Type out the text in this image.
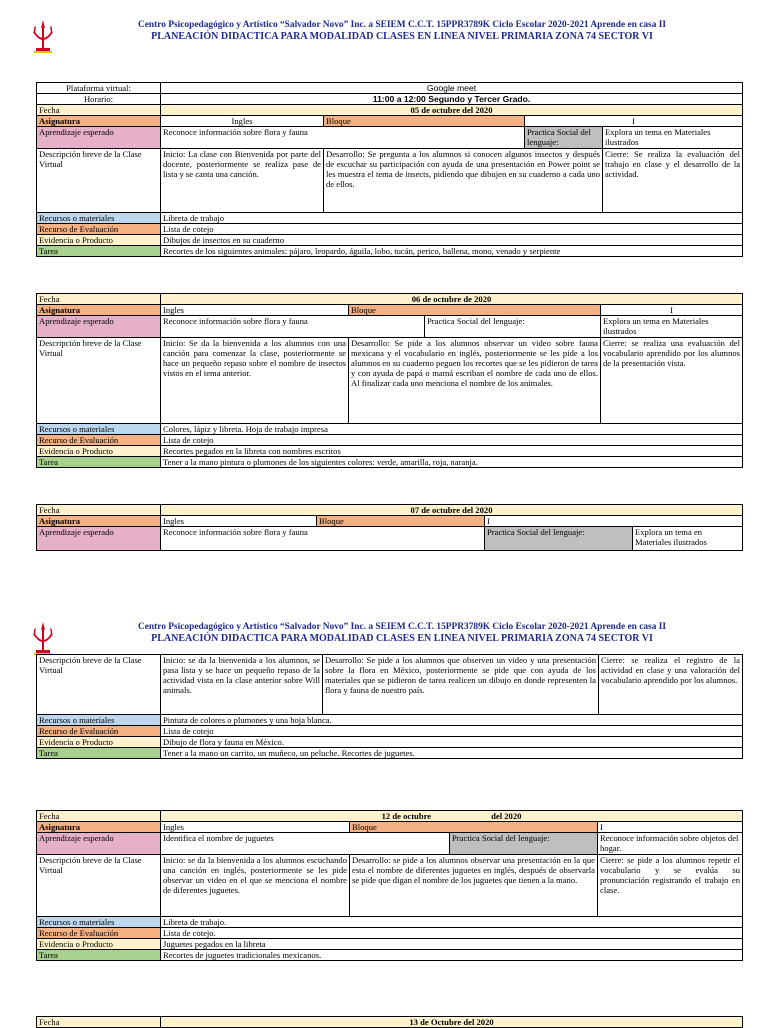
Centro Psicopedagógico y Artístico “Salvador Novo” Inc. a SEIEM C.C.T. 15PPR3789K Ciclo Escolar 2020-2021 Aprende en casa II
PLANEACIÓN DIDACTICA PARA MODALIDAD CLASES EN LINEA NIVEL PRIMARIA ZONA 74 SECTOR VI
Plataforma virtual:	Google meet			
Horario:	11:00 a 12:00 Segundo y Tercer Grado.			
Fecha	05 de octubre del 2020			
Asignatura	Ingles	Bloque	I	
Aprendizaje esperado	Reconoce información sobre flora y fauna		Practica Social del lenguaje:	Explora un tema en Materiales ilustrados
Descripción breve de la Clase Virtual	Inicio: La clase con Bienvenida por parte del docente, posteriormente se realiza pase de lista y se canta una canción.	Desarrollo: Se pregunta a los alumnos si conocen algunos insectos y después de escuchar su participación con ayuda de una presentación en Power point se les muestra el tema de insects, pidiendo que dibujen en su cuaderno a cada uno de ellos.		Cierre: Se realiza la evaluación del trabajo en clase y el desarrollo de la actividad.
Recursos o materiales	Libreta de trabajo			
Recurso de Evaluación	Lista de cotejo			
Evidencia o Producto	Dibujos de insectos en su cuaderno			
Tarea	Recortes de los siguientes animales: pájaro, leopardo, águila, lobo, tucán, perico, ballena, mono, venado y serpiente			
Fecha	06 de octubre de 2020			
Asignatura	Ingles	Bloque		I
Aprendizaje esperado	Reconoce información sobre flora y fauna		Practica Social del lenguaje:	Explora un tema en Materiales ilustrados
Descripción breve de la Clase Virtual	Inicio: Se da la bienvenida a los alumnos con una canción para comenzar la clase, posteriormente se hace un pequeño repaso sobre el nombre de insectos vistos en el tema anterior.	Desarrollo: Se pide a los alumnos observar un video sobre fauna mexicana y el vocabulario en inglés, posteriormente se les pide a los alumnos en su cuaderno peguen los recortes que se les pidieron de tarea y con ayuda de papá o mamá escriban el nombre de cada uno de ellos. Al finalizar cada uno menciona el nombre de los animales.		Cierre: se realiza una evaluación del vocabulario aprendido por los alumnos de la presentación vista.
Recursos o materiales	Colores, lápiz y libreta. Hoja de trabajo impresa			
Recurso de Evaluación	Lista de cotejo			
Evidencia o Producto	Recortes pegados en la libreta con nombres escritos			
Tarea	Tener a la mano pintura o plumones de los siguientes colores: verde, amarilla, roja, naranja.			
Fecha	07 de octubre del 2020			
Asignatura	Ingles	Bloque	I	
Aprendizaje esperado	Reconoce información sobre flora y fauna		Practica Social del lenguaje:	Explora un tema en Materiales ilustrados
Centro Psicopedagógico y Artístico “Salvador Novo” Inc. a SEIEM C.C.T. 15PPR3789K Ciclo Escolar 2020-2021 Aprende en casa II
PLANEACIÓN DIDACTICA PARA MODALIDAD CLASES EN LINEA NIVEL PRIMARIA ZONA 74 SECTOR VI
Descripción breve de la Clase Virtual	Inicio: se da la bienvenida a los alumnos, se pasa lista y se hace un pequeño repaso de la actividad vista en la clase anterior sobre Will animals.	Desarrollo: Se pide a los alumnos que observen un video y una presentación sobre la flora en México, posteriormente se pide que con ayuda de los materiales que se pidieron de tarea realicen un dibujo en donde representen la flora y fauna de nuestro país.	Cierre: se realiza el registro de la actividad en clase y una valoración del vocabulario aprendido por los alumnos.
Recursos o materiales	Pintura de colores o plumones y una hoja blanca.		
Recurso de Evaluación	Lista de cotejo		
Evidencia o Producto	Dibujo de flora y fauna en México.		
Tarea	Tener a la mano un carrito, un muñeco, un peluche. Recortes de juguetes.		
Fecha	12 de octubre del 2020			
Asignatura	Ingles	Bloque		I
Aprendizaje esperado	Identifica el nombre de juguetes		Practica Social del lenguaje:	Reconoce información sobre objetos del hogar.
Descripción breve de la Clase Virtual	Inicio: se da la bienvenida a los alumnos escuchando una canción en inglés, posteriormente se les pide observar un video en el que se menciona el nombre de diferentes juguetes.	Desarrollo: se pide a los alumnos observar una presentación en la que esta el nombre de diferentes juguetes en inglés, después de observarla se pide que digan el nombre de los juguetes que tienen a la mano.		Cierre: se pide a los alumnos repetir el vocabulario y se evalúa su pronunciación registrando el trabajo en clase.
Recursos o materiales	Libreta de trabajo.			
Recurso de Evaluación	Lista de cotejo.			
Evidencia o Producto	Juguetes pegados en la libreta			
Tarea	Recortes de juguetes tradicionales mexicanos.			
Fecha	13 de Octubre del 2020
